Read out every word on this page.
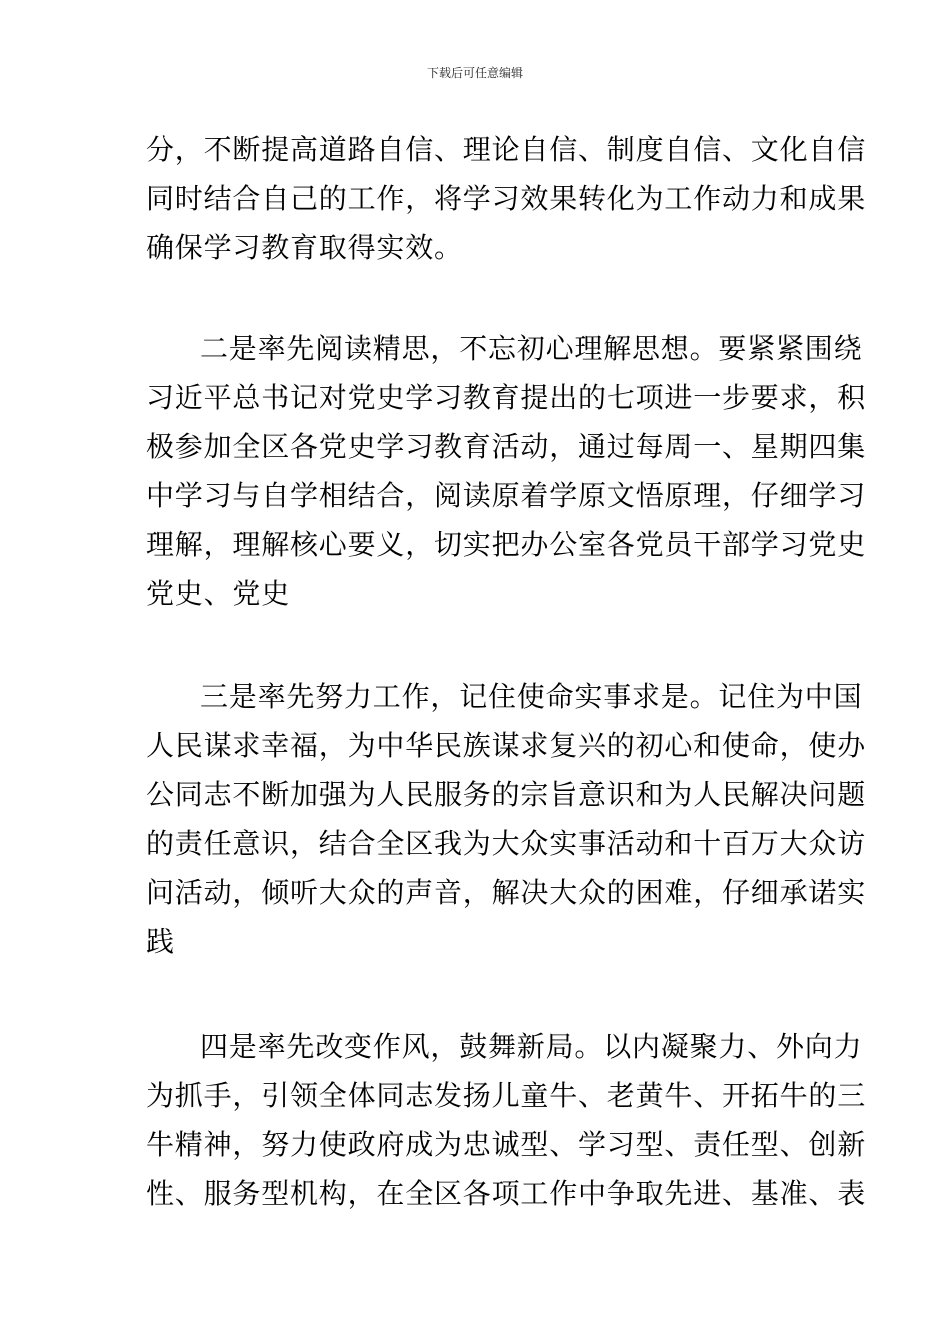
下载后可任意编辑
分，不断提高道路自信、理论自信、制度自信、文化自信
同时结合自己的工作，将学习效果转化为工作动力和成果
确保学习教育取得实效。
二是率先阅读精思，不忘初心理解思想。要紧紧围绕
习近平总书记对党史学习教育提出的七项进一步要求，积
极参加全区各党史学习教育活动，通过每周一、星期四集
中学习与自学相结合，阅读原着学原文悟原理，仔细学习
理解，理解核心要义，切实把办公室各党员干部学习党史
党史、党史
三是率先努力工作，记住使命实事求是。记住为中国
人民谋求幸福，为中华民族谋求复兴的初心和使命，使办
公同志不断加强为人民服务的宗旨意识和为人民解决问题
的责任意识，结合全区我为大众实事活动和十百万大众访
问活动，倾听大众的声音，解决大众的困难，仔细承诺实
践
四是率先改变作风，鼓舞新局。以内凝聚力、外向力
为抓手，引领全体同志发扬儿童牛、老黄牛、开拓牛的三
牛精神，努力使政府成为忠诚型、学习型、责任型、创新
性、服务型机构，在全区各项工作中争取先进、基准、表
